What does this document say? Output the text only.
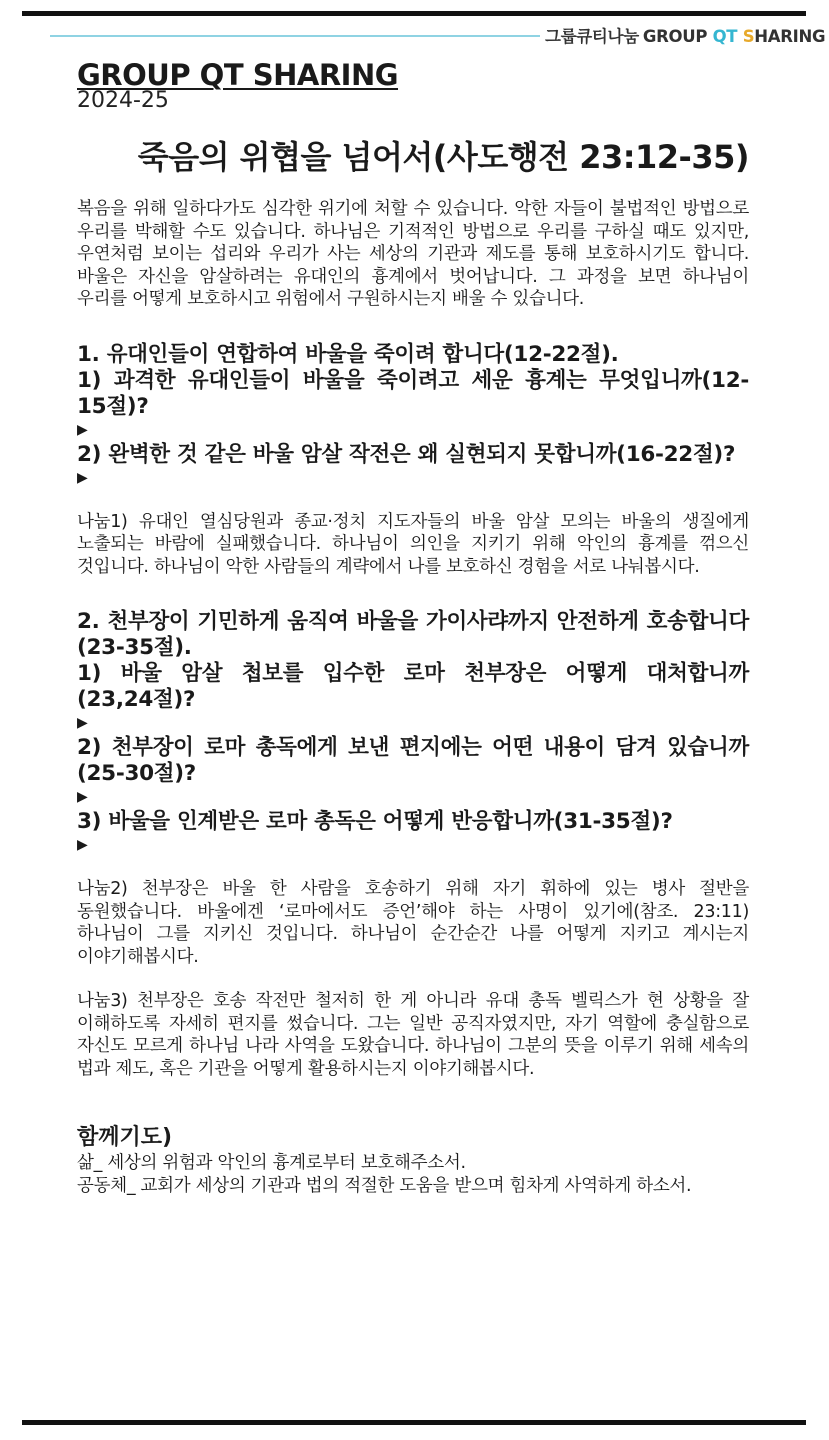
그룹큐티나눔 GROUP QT SHARING
GROUP QT SHARING
2024-25
죽음의 위협을 넘어서(사도행전 23:12-35)

복음을 위해 일하다가도 심각한 위기에 처할 수 있습니다. 악한 자들이 불법적인 방법으로 우리를 박해할 수도 있습니다. 하나님은 기적적인 방법으로 우리를 구하실 때도 있지만, 우연처럼 보이는 섭리와 우리가 사는 세상의 기관과 제도를 통해 보호하시기도 합니다. 바울은 자신을 암살하려는 유대인의 흉계에서 벗어납니다. 그 과정을 보면 하나님이 우리를 어떻게 보호하시고 위험에서 구원하시는지 배울 수 있습니다.

1. 유대인들이 연합하여 바울을 죽이려 합니다(12-22절).
1) 과격한 유대인들이 바울을 죽이려고 세운 흉계는 무엇입니까(12-15절)?
▶
2) 완벽한 것 같은 바울 암살 작전은 왜 실현되지 못합니까(16-22절)?
▶

나눔1) 유대인 열심당원과 종교·정치 지도자들의 바울 암살 모의는 바울의 생질에게 노출되는 바람에 실패했습니다. 하나님이 의인을 지키기 위해 악인의 흉계를 꺾으신 것입니다. 하나님이 악한 사람들의 계략에서 나를 보호하신 경험을 서로 나눠봅시다.

2. 천부장이 기민하게 움직여 바울을 가이사랴까지 안전하게 호송합니다(23-35절).
1) 바울 암살 첩보를 입수한 로마 천부장은 어떻게 대처합니까(23,24절)?
▶
2) 천부장이 로마 총독에게 보낸 편지에는 어떤 내용이 담겨 있습니까(25-30절)?
▶
3) 바울을 인계받은 로마 총독은 어떻게 반응합니까(31-35절)?
▶

나눔2) 천부장은 바울 한 사람을 호송하기 위해 자기 휘하에 있는 병사 절반을 동원했습니다. 바울에겐 ‘로마에서도 증언’해야 하는 사명이 있기에(참조. 23:11) 하나님이 그를 지키신 것입니다. 하나님이 순간순간 나를 어떻게 지키고 계시는지 이야기해봅시다.

나눔3) 천부장은 호송 작전만 철저히 한 게 아니라 유대 총독 벨릭스가 현 상황을 잘 이해하도록 자세히 편지를 썼습니다. 그는 일반 공직자였지만, 자기 역할에 충실함으로 자신도 모르게 하나님 나라 사역을 도왔습니다. 하나님이 그분의 뜻을 이루기 위해 세속의 법과 제도, 혹은 기관을 어떻게 활용하시는지 이야기해봅시다.

함께기도)

삶_ 세상의 위험과 악인의 흉계로부터 보호해주소서.

공동체_ 교회가 세상의 기관과 법의 적절한 도움을 받으며 힘차게 사역하게 하소서.
